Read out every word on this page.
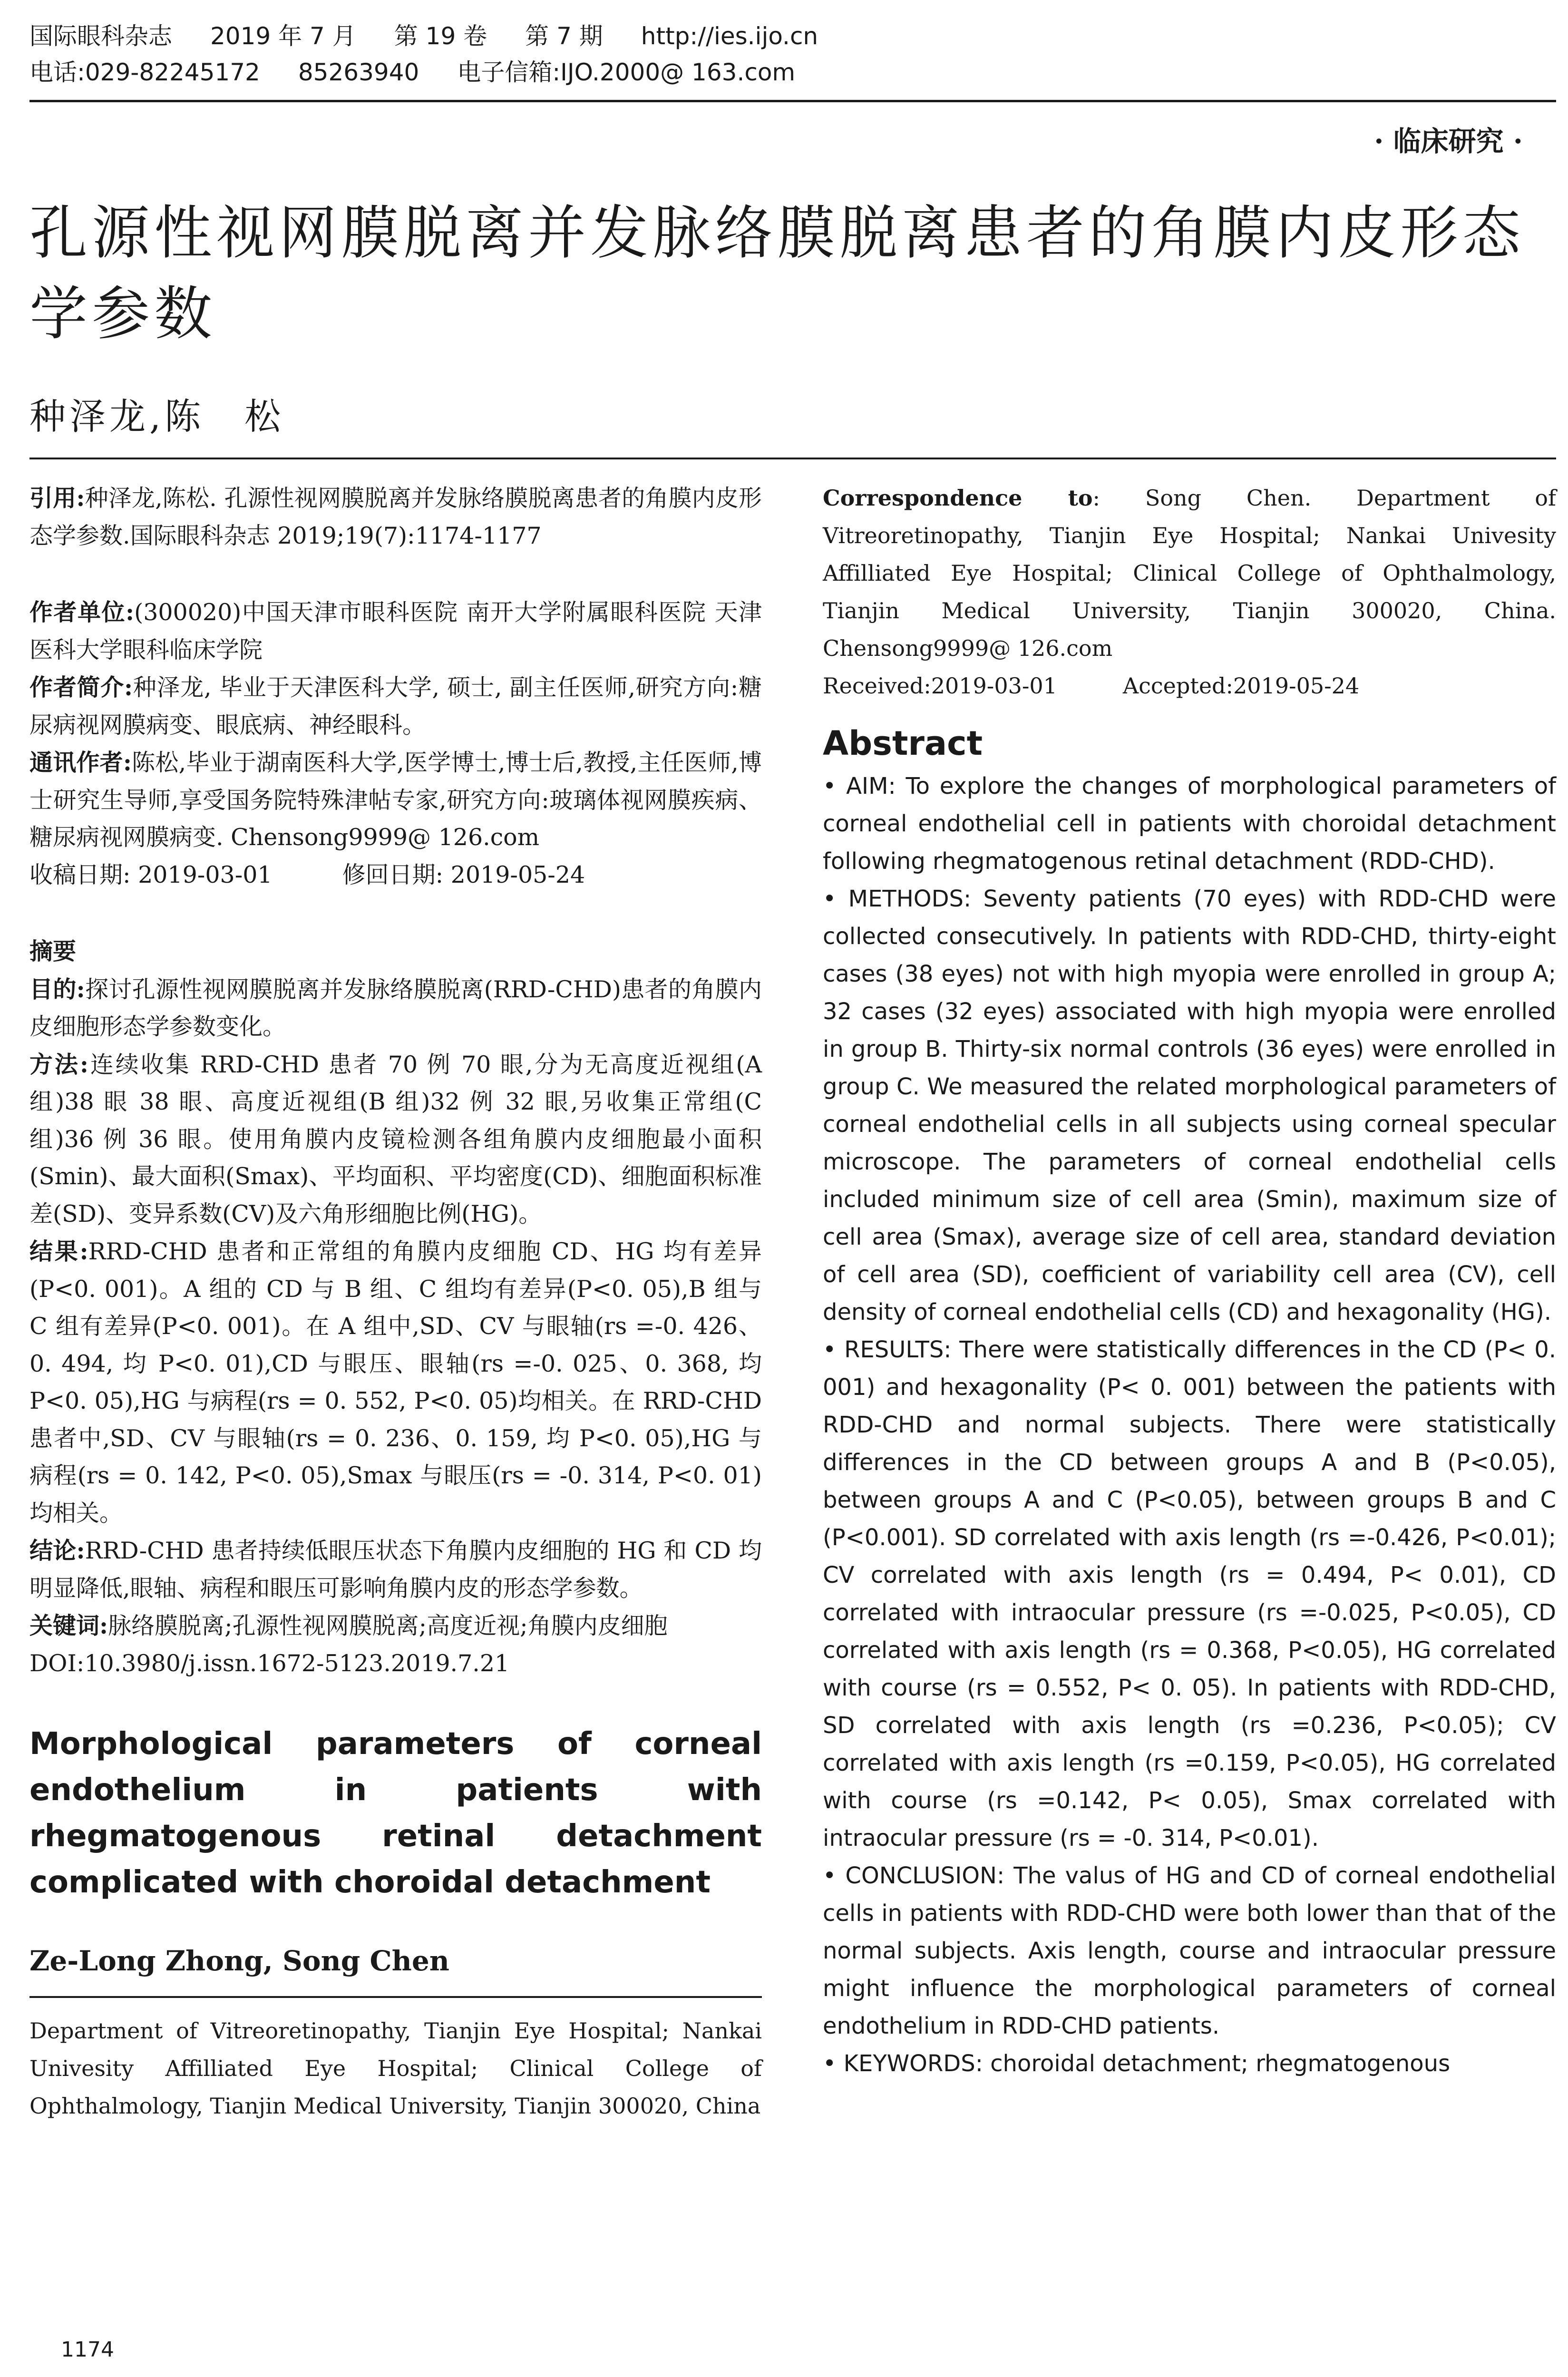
国际眼科杂志 2019 年 7 月 第 19 卷 第 7 期 http://ies.ijo.cn
电话:029-82245172 85263940 电子信箱:IJO.2000@ 163.com
· 临床研究 ·
孔源性视网膜脱离并发脉络膜脱离患者的角膜内皮形态学参数
种泽龙,陈　松

引用:种泽龙,陈松. 孔源性视网膜脱离并发脉络膜脱离患者的角膜内皮形态学参数.国际眼科杂志 2019;19(7):1174-1177

作者单位:(300020)中国天津市眼科医院 南开大学附属眼科医院 天津医科大学眼科临床学院

作者简介:种泽龙, 毕业于天津医科大学, 硕士, 副主任医师,研究方向:糖尿病视网膜病变、眼底病、神经眼科。

通讯作者:陈松,毕业于湖南医科大学,医学博士,博士后,教授,主任医师,博士研究生导师,享受国务院特殊津帖专家,研究方向:玻璃体视网膜疾病、糖尿病视网膜病变. Chensong9999@ 126.com

收稿日期: 2019-03-01　　　修回日期: 2019-05-24

摘要

目的:探讨孔源性视网膜脱离并发脉络膜脱离(RRD-CHD)患者的角膜内皮细胞形态学参数变化。

方法:连续收集 RRD-CHD 患者 70 例 70 眼,分为无高度近视组(A 组)38 眼 38 眼、高度近视组(B 组)32 例 32 眼,另收集正常组(C 组)36 例 36 眼。使用角膜内皮镜检测各组角膜内皮细胞最小面积(Smin)、最大面积(Smax)、平均面积、平均密度(CD)、细胞面积标准差(SD)、变异系数(CV)及六角形细胞比例(HG)。

结果:RRD-CHD 患者和正常组的角膜内皮细胞 CD、HG 均有差异(P<0. 001)。A 组的 CD 与 B 组、C 组均有差异(P<0. 05),B 组与 C 组有差异(P<0. 001)。在 A 组中,SD、CV 与眼轴(rs =-0. 426、0. 494, 均 P<0. 01),CD 与眼压、眼轴(rs =-0. 025、0. 368, 均 P<0. 05),HG 与病程(rs = 0. 552, P<0. 05)均相关。在 RRD-CHD 患者中,SD、CV 与眼轴(rs = 0. 236、0. 159, 均 P<0. 05),HG 与病程(rs = 0. 142, P<0. 05),Smax 与眼压(rs = -0. 314, P<0. 01)均相关。

结论:RRD-CHD 患者持续低眼压状态下角膜内皮细胞的 HG 和 CD 均明显降低,眼轴、病程和眼压可影响角膜内皮的形态学参数。

关键词:脉络膜脱离;孔源性视网膜脱离;高度近视;角膜内皮细胞

DOI:10.3980/j.issn.1672-5123.2019.7.21

Morphological parameters of corneal endothelium in patients with rhegmatogenous retinal detachment complicated with choroidal detachment

Ze-Long Zhong, Song Chen

Department of Vitreoretinopathy, Tianjin Eye Hospital; Nankai Univesity Affilliated Eye Hospital; Clinical College of Ophthalmology, Tianjin Medical University, Tianjin 300020, China

Correspondence to: Song Chen. Department of Vitreoretinopathy, Tianjin Eye Hospital; Nankai Univesity Affilliated Eye Hospital; Clinical College of Ophthalmology, Tianjin Medical University, Tianjin 300020, China. Chensong9999@ 126.com

Received:2019-03-01　　　Accepted:2019-05-24

Abstract

• AIM: To explore the changes of morphological parameters of corneal endothelial cell in patients with choroidal detachment following rhegmatogenous retinal detachment (RDD-CHD).

• METHODS: Seventy patients (70 eyes) with RDD-CHD were collected consecutively. In patients with RDD-CHD, thirty-eight cases (38 eyes) not with high myopia were enrolled in group A; 32 cases (32 eyes) associated with high myopia were enrolled in group B. Thirty-six normal controls (36 eyes) were enrolled in group C. We measured the related morphological parameters of corneal endothelial cells in all subjects using corneal specular microscope. The parameters of corneal endothelial cells included minimum size of cell area (Smin), maximum size of cell area (Smax), average size of cell area, standard deviation of cell area (SD), coefficient of variability cell area (CV), cell density of corneal endothelial cells (CD) and hexagonality (HG).

• RESULTS: There were statistically differences in the CD (P< 0. 001) and hexagonality (P< 0. 001) between the patients with RDD-CHD and normal subjects. There were statistically differences in the CD between groups A and B (P<0.05), between groups A and C (P<0.05), between groups B and C (P<0.001). SD correlated with axis length (rs =-0.426, P<0.01); CV correlated with axis length (rs = 0.494, P< 0.01), CD correlated with intraocular pressure (rs =-0.025, P<0.05), CD correlated with axis length (rs = 0.368, P<0.05), HG correlated with course (rs = 0.552, P< 0. 05). In patients with RDD-CHD, SD correlated with axis length (rs =0.236, P<0.05); CV correlated with axis length (rs =0.159, P<0.05), HG correlated with course (rs =0.142, P< 0.05), Smax correlated with intraocular pressure (rs = -0. 314, P<0.01).

• CONCLUSION: The valus of HG and CD of corneal endothelial cells in patients with RDD-CHD were both lower than that of the normal subjects. Axis length, course and intraocular pressure might influence the morphological parameters of corneal endothelium in RDD-CHD patients.

• KEYWORDS: choroidal detachment; rhegmatogenous

1174
